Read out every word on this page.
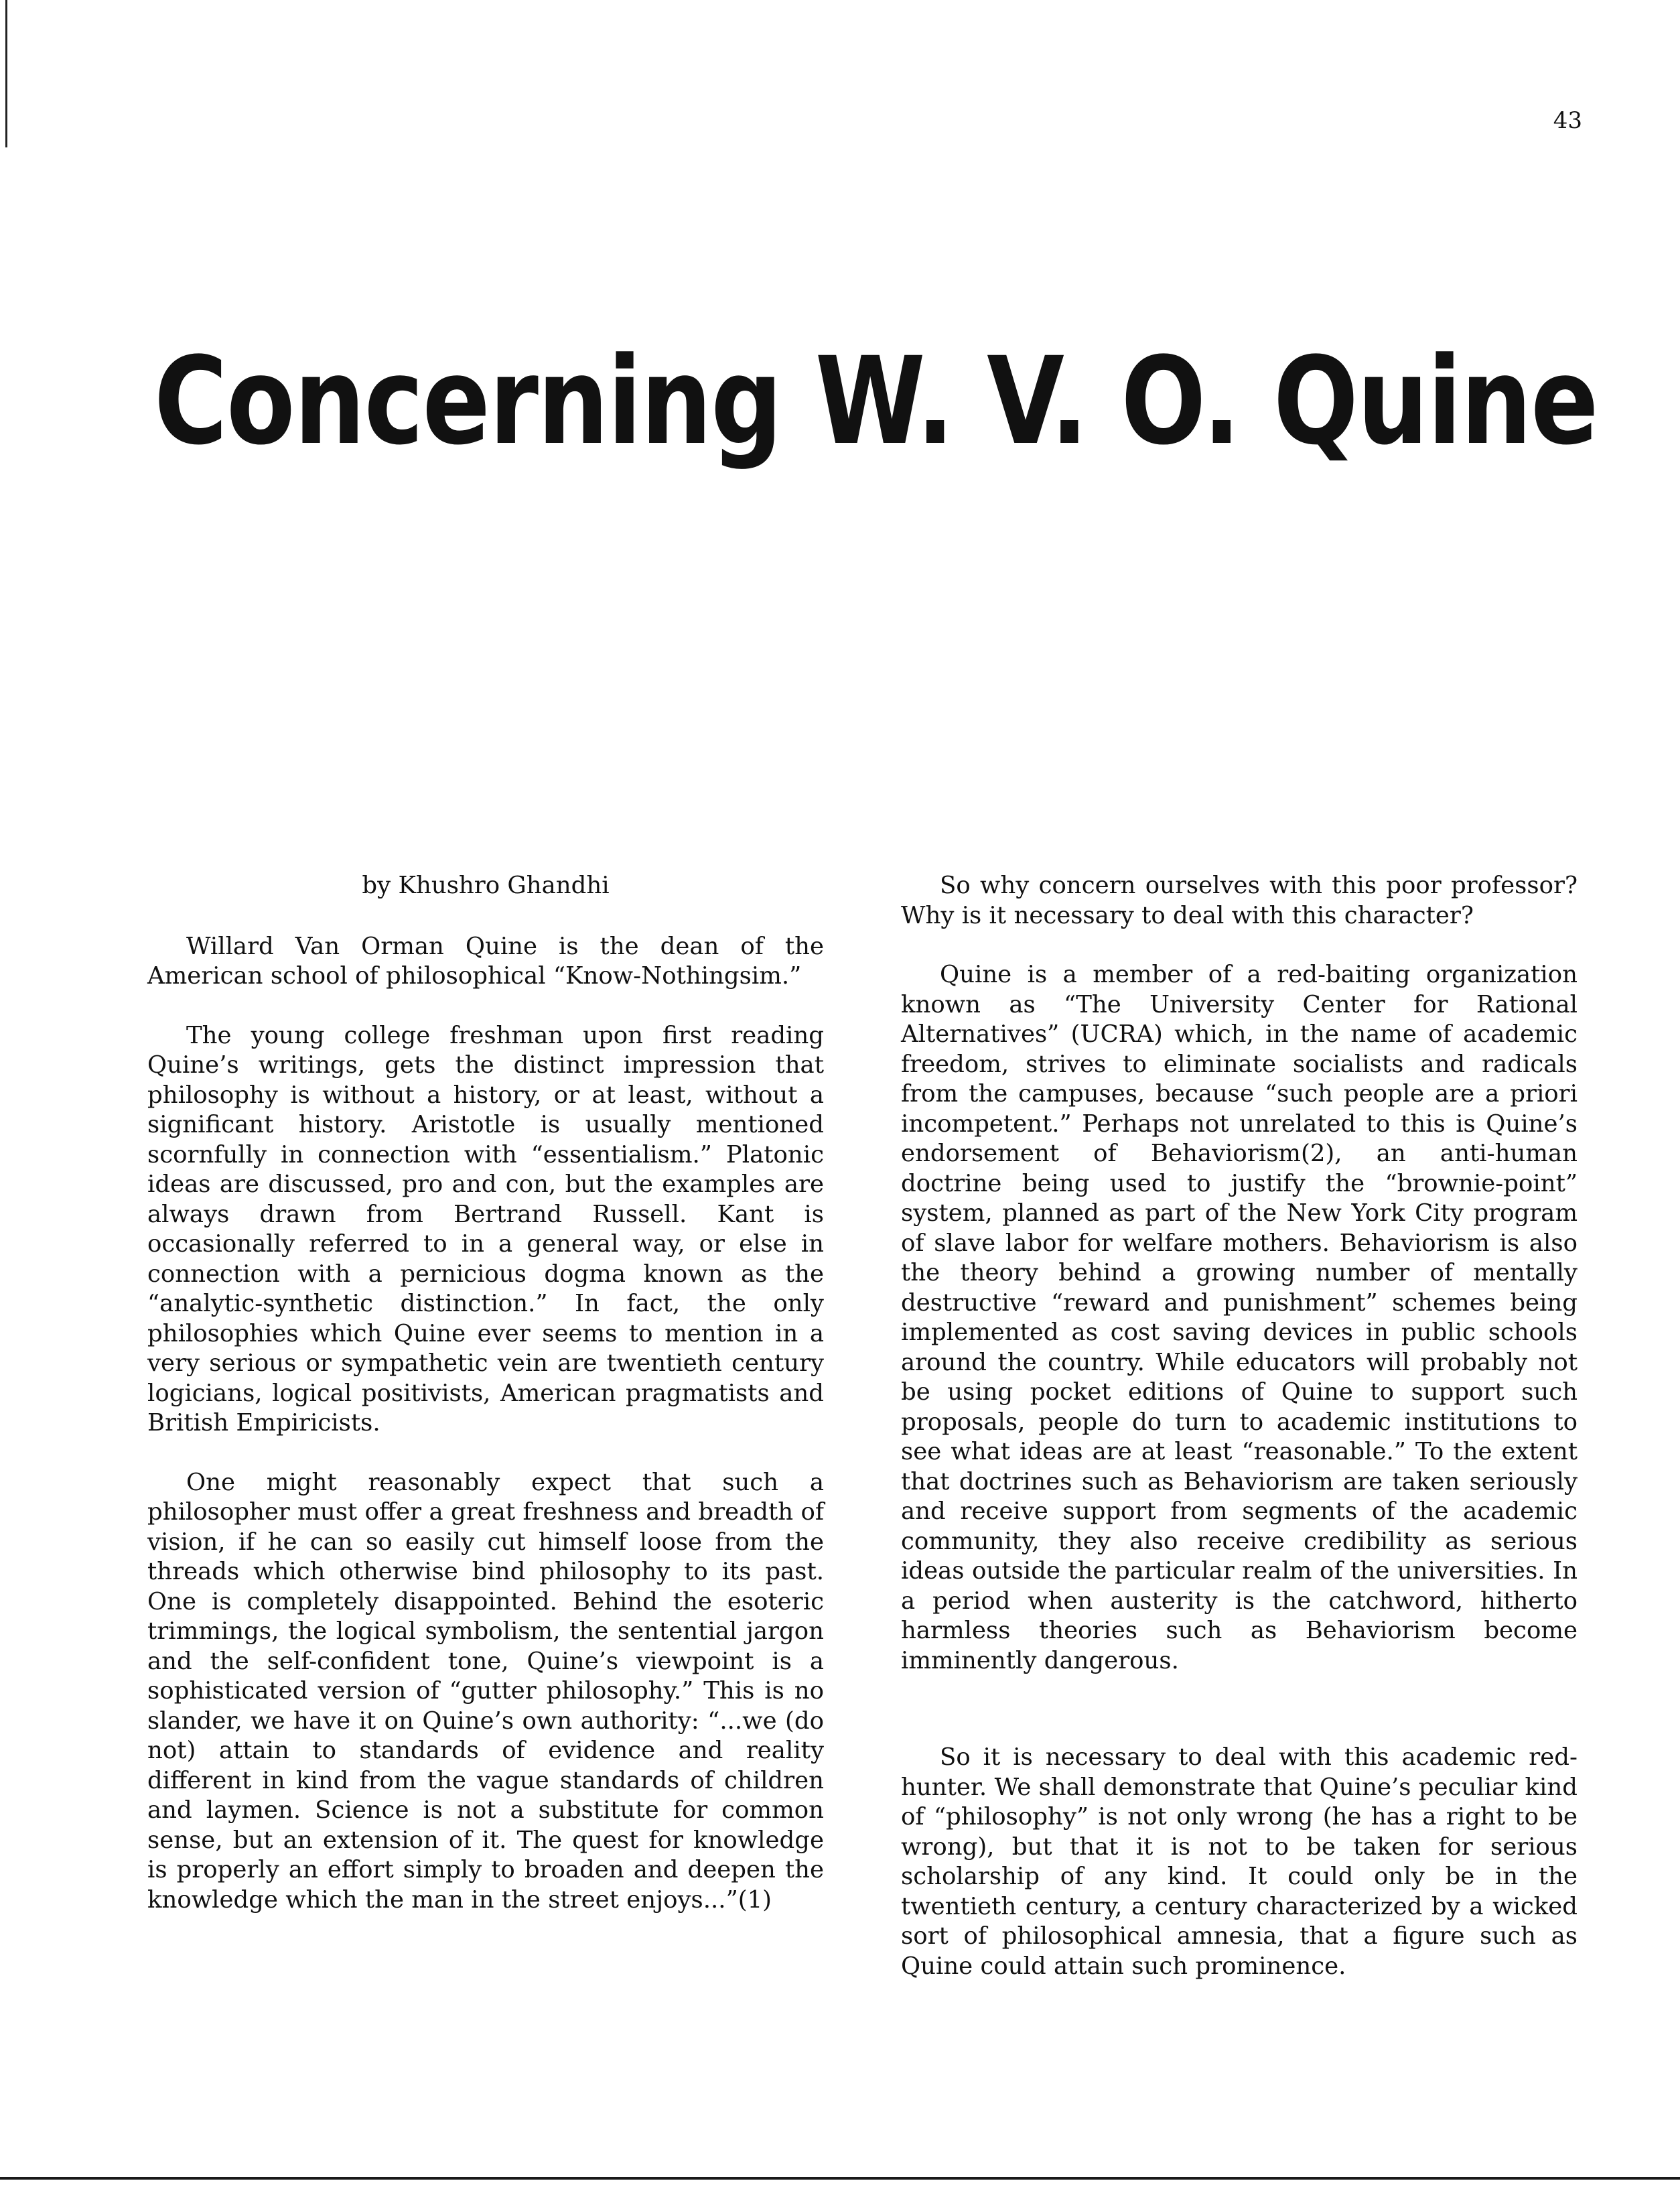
43
Concerning W. V. O. Quine
by Khushro Ghandhi

Willard Van Orman Quine is the dean of the American school of philosophical “Know-Nothingsim.”

The young college freshman upon first reading Quine’s writings, gets the distinct impression that philosophy is without a history, or at least, without a significant history. Aristotle is usually mentioned scornfully in connection with “essentialism.” Platonic ideas are discussed, pro and con, but the examples are always drawn from Bertrand Russell. Kant is occasionally referred to in a general way, or else in connection with a pernicious dogma known as the “analytic-synthetic distinction.” In fact, the only philosophies which Quine ever seems to mention in a very serious or sympathetic vein are twentieth century logicians, logical positivists, American pragmatists and British Empiricists.

One might reasonably expect that such a philosopher must offer a great freshness and breadth of vision, if he can so easily cut himself loose from the threads which otherwise bind philosophy to its past. One is completely disappointed. Behind the esoteric trimmings, the logical symbolism, the sentential jargon and the self-confident tone, Quine’s viewpoint is a sophisticated version of “gutter philosophy.” This is no slander, we have it on Quine’s own authority: “...we (do not) attain to standards of evidence and reality different in kind from the vague standards of children and laymen. Science is not a substitute for common sense, but an extension of it. The quest for knowledge is properly an effort simply to broaden and deepen the knowledge which the man in the street enjoys...”(1)

So why concern ourselves with this poor professor? Why is it necessary to deal with this character?

Quine is a member of a red-baiting organization known as “The University Center for Rational Alternatives” (UCRA) which, in the name of academic freedom, strives to eliminate socialists and radicals from the campuses, because “such people are a priori incompetent.” Perhaps not unrelated to this is Quine’s endorsement of Behaviorism(2), an anti-human doctrine being used to justify the “brownie-point” system, planned as part of the New York City program of slave labor for welfare mothers. Behaviorism is also the theory behind a growing number of mentally destructive “reward and punishment” schemes being implemented as cost saving devices in public schools around the country. While educators will probably not be using pocket editions of Quine to support such proposals, people do turn to academic institutions to see what ideas are at least “reasonable.” To the extent that doctrines such as Behaviorism are taken seriously and receive support from segments of the academic community, they also receive credibility as serious ideas outside the particular realm of the universities. In a period when austerity is the catchword, hitherto harmless theories such as Behaviorism become imminently dangerous.

So it is necessary to deal with this academic red-hunter. We shall demonstrate that Quine’s peculiar kind of “philosophy” is not only wrong (he has a right to be wrong), but that it is not to be taken for serious scholarship of any kind. It could only be in the twentieth century, a century characterized by a wicked sort of philosophical amnesia, that a figure such as Quine could attain such prominence.
